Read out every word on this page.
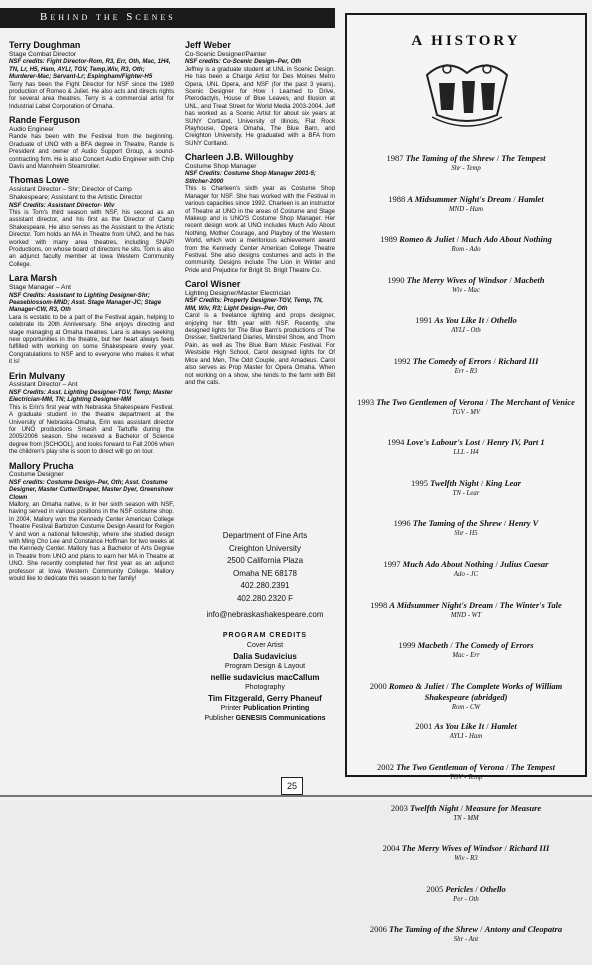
Behind the Scenes
Terry Doughman
Stage Combat Director
NSF credits: Fight Director-Rom, R3, Err, Oth, Mac, 1H4, TN, Lr, H5, Ham, AYLI, TGV, Temp,Wiv, R3, Oth; Murderer-Mac; Servant-Lr; Espingham/Fighter-H5
Terry has been the Fight Director for NSF since the 1989 production of Romeo & Juliet. He also acts and directs rights for several area theatres. Terry is a commercial artist for Industrial Label Corporation of Omaha.
Rande Ferguson
Audio Engineer
Rande has been with the Festival from the beginning. Graduate of UNO with a BFA degree in Theatre, Rande is President and owner of Audio Support Group, a sound-contracting firm. He is also Concert Audio Engineer with Chip Davis and Mannheim Steamroller.
Thomas Lowe
Assistant Director – Shr; Director of Camp Shakespeare; Assistant to the Artistic Director
NSF Credits: Assistant Director- Wiv
This is Tom's third season with NSF, his second as an assistant director, and his first as the Director of Camp Shakespeare. He also serves as the Assistant to the Artistic Director. Tom holds an MA in Theatre from UNO, and he has worked with many area theatres, including SNAP! Productions, on whose board of directors he sits. Tom is also an adjunct faculty member at Iowa Western Community College.
Lara Marsh
Stage Manager – Ant
NSF Credits: Assistant to Lighting Designer-Shr; Peaseblossom-MND; Asst. Stage Manager-JC; Stage Manager-CW, R3, Oth
Lara is ecstatic to be a part of the Festival again, helping to celebrate its 20th Anniversary. She enjoys directing and stage managing at Omaha theatres. Lara is always seeking new opportunities in the theatre, but her heart always feels fulfilled with working on some Shakespeare every year. Congratulations to NSF and to everyone who makes it what it is!
Erin Mulvany
Assistant Director – Ant
NSF Credits: Asst. Lighting Designer-TGV, Temp; Master Electrician-MM, TN; Lighting Designer-MM
This is Erin's first year with Nebraska Shakespeare Festival. A graduate student in the theatre department at the University of Nebraska-Omaha, Erin was assistant director for UNO productions Smash and Tartuffe during the 2005/2006 season. She received a Bachelor of Science degree from [SCHOOL], and looks forward to Fall 2006 when the children's play she is soon to direct will go on tour.
Mallory Prucha
Costume Designer
NSF credits: Costume Design–Per, Oth; Asst. Costume Designer, Master Cutter/Draper, Master Dyer, Greenshow Clown
Mallory, an Omaha native, is in her sixth season with NSF, having served in various positions in the NSF costume shop. In 2004, Mallory won the Kennedy Center American College Theatre Festival Barbizon Costume Design Award for Region V and won a national fellowship, where she studied design with Ming Cho Lee and Constance Hoffman for two weeks at the Kennedy Center. Mallory has a Bachelor of Arts Degree in Theatre from UNO and plans to earn her MA in Theatre at UNO. She recently completed her first year as an adjunct professor at Iowa Western Community College. Mallory would like to dedicate this season to her family!
Jeff Weber
Co-Scenic Designer/Painter
NSF credits: Co-Scenic Design–Per, Oth
Jeffrey is a graduate student at UNL in Scenic Design. He has been a Charge Artist for Des Moines Metro Opera, UNL Opera, and NSF (for the past 3 years), Scenic Designer for How I Learned to Drive, Pterodactyls, House of Blue Leaves, and Illusion at UNL, and Treat Street for World Media 2003-2004. Jeff has worked as a Scenic Artist for about six years at SUNY Cortland, University of Illinois, Flat Rock Playhouse, Opera Omaha, The Blue Barn, and Creighton University. He graduated with a BFA from SUNY Cortland.
Charleen J.B. Willoughby
Costume Shop Manager
NSF Credits: Costume Shop Manager 2001-5; Stitcher-2000
This is Charleen's sixth year as Costume Shop Manager for NSF. She has worked with the Festival in various capacities since 1992. Charleen is an instructor of Theatre at UNO in the areas of Costume and Stage Makeup and is UNO'S Costume Shop Manager. Her recent design work at UNO includes Much Ado About Nothing, Mother Courage, and Playboy of the Western World, which won a meritorious achievement award from the Kennedy Center American College Theatre Festival. She also designs costumes and acts in the community. Designs include The Lion in Winter and Pride and Prejudice for Brigit St. Brigit Theatre Co.
Carol Wisner
Lighting Designer/Master Electrician
NSF Credits: Property Designer-TGV, Temp, TN, MM, Wiv, R3; Light Design–Per, Oth
Carol is a freelance lighting and props designer, enjoying her fifth year with NSF. Recently, she designed lights for The Blue Barn's productions of The Dresser, Switzerland Diaries, Minstrel Show, and Thom Pain, as well as The Blue Barn Music Festival. For Westside High School, Carol designed lights for Of Mice and Men, The Odd Couple, and Amadeus. Carol also serves as Prop Master for Opera Omaha. When not working on a show, she tends to the farm with Bill and the cats.
Department of Fine Arts
Creighton University
2500 California Plaza
Omaha NE 68178
402.280.2391
402.280.2320 F
info@nebraskashakespeare.com
PROGRAM CREDITS
Cover Artist
Dalia Sudavicius
Program Design & Layout
nellie sudavicius macCallum
Photography
Tim Fitzgerald, Gerry Phaneuf
Printer Publication Printing
Publisher GENESIS Communications
A HISTORY
1987 The Taming of the Shrew / The Tempest
Shr - Temp
1988 A Midsummer Night's Dream / Hamlet
MND - Ham
1989 Romeo & Juliet / Much Ado About Nothing
Rom - Ado
1990 The Merry Wives of Windsor / Macbeth
Wiv - Mac
1991 As You Like It / Othello
AYLI - Oth
1992 The Comedy of Errors / Richard III
Err - R3
1993 The Two Gentlemen of Verona / The Merchant of Venice
TGV - MV
1994 Love's Labour's Lost / Henry IV, Part 1
LLL - H4
1995 Twelfth Night / King Lear
TN - Lear
1996 The Taming of the Shrew / Henry V
Shr - H5
1997 Much Ado About Nothing / Julius Caesar
Ado - JC
1998 A Midsummer Night's Dream / The Winter's Tale
MND - WT
1999 Macbeth / The Comedy of Errors
Mac - Err
2000 Romeo & Juliet / The Complete Works of William Shakespeare (abridged)
Rom - CW
2001 As You Like It / Hamlet
AYLI - Ham
2002 The Two Gentleman of Verona / The Tempest
TGV - Temp
2003 Twelfth Night / Measure for Measure
TN - MM
2004 The Merry Wives of Windsor / Richard III
Wiv - R3
2005 Pericles / Othello
Per - Oth
2006 The Taming of the Shrew / Antony and Cleopatra
Shr - Ant
25
